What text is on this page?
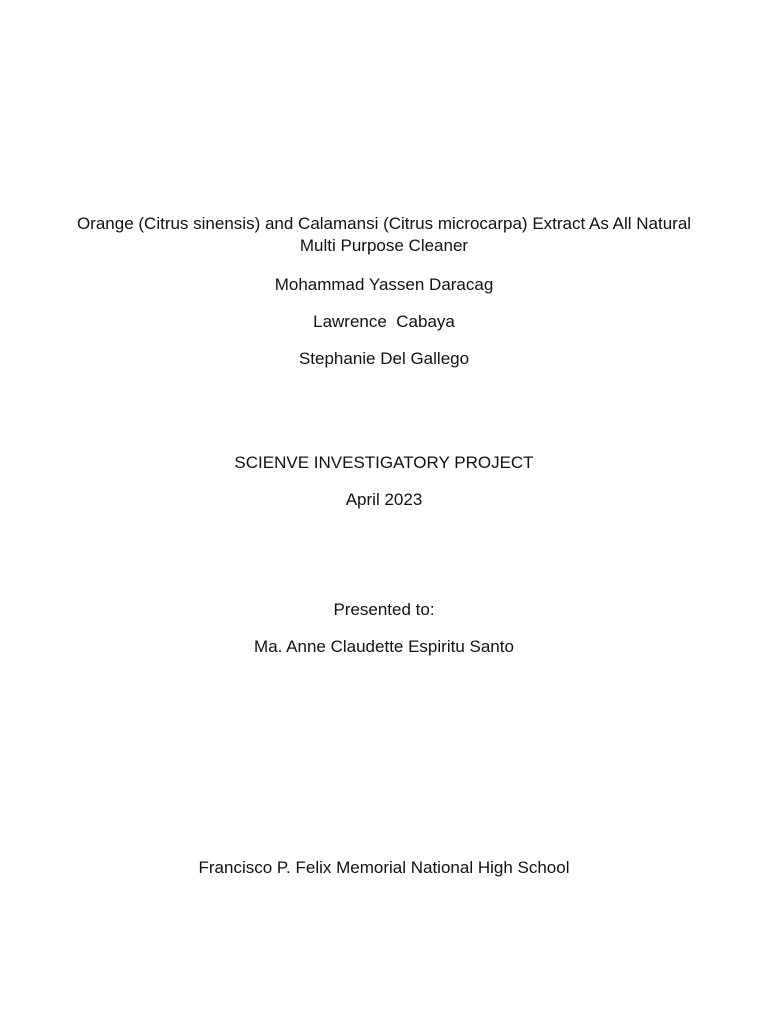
Orange (Citrus sinensis) and Calamansi (Citrus microcarpa) Extract As All Natural Multi Purpose Cleaner
Mohammad Yassen Daracag
Lawrence  Cabaya
Stephanie Del Gallego
SCIENVE INVESTIGATORY PROJECT
April 2023
Presented to:
Ma. Anne Claudette Espiritu Santo
Francisco P. Felix Memorial National High School
